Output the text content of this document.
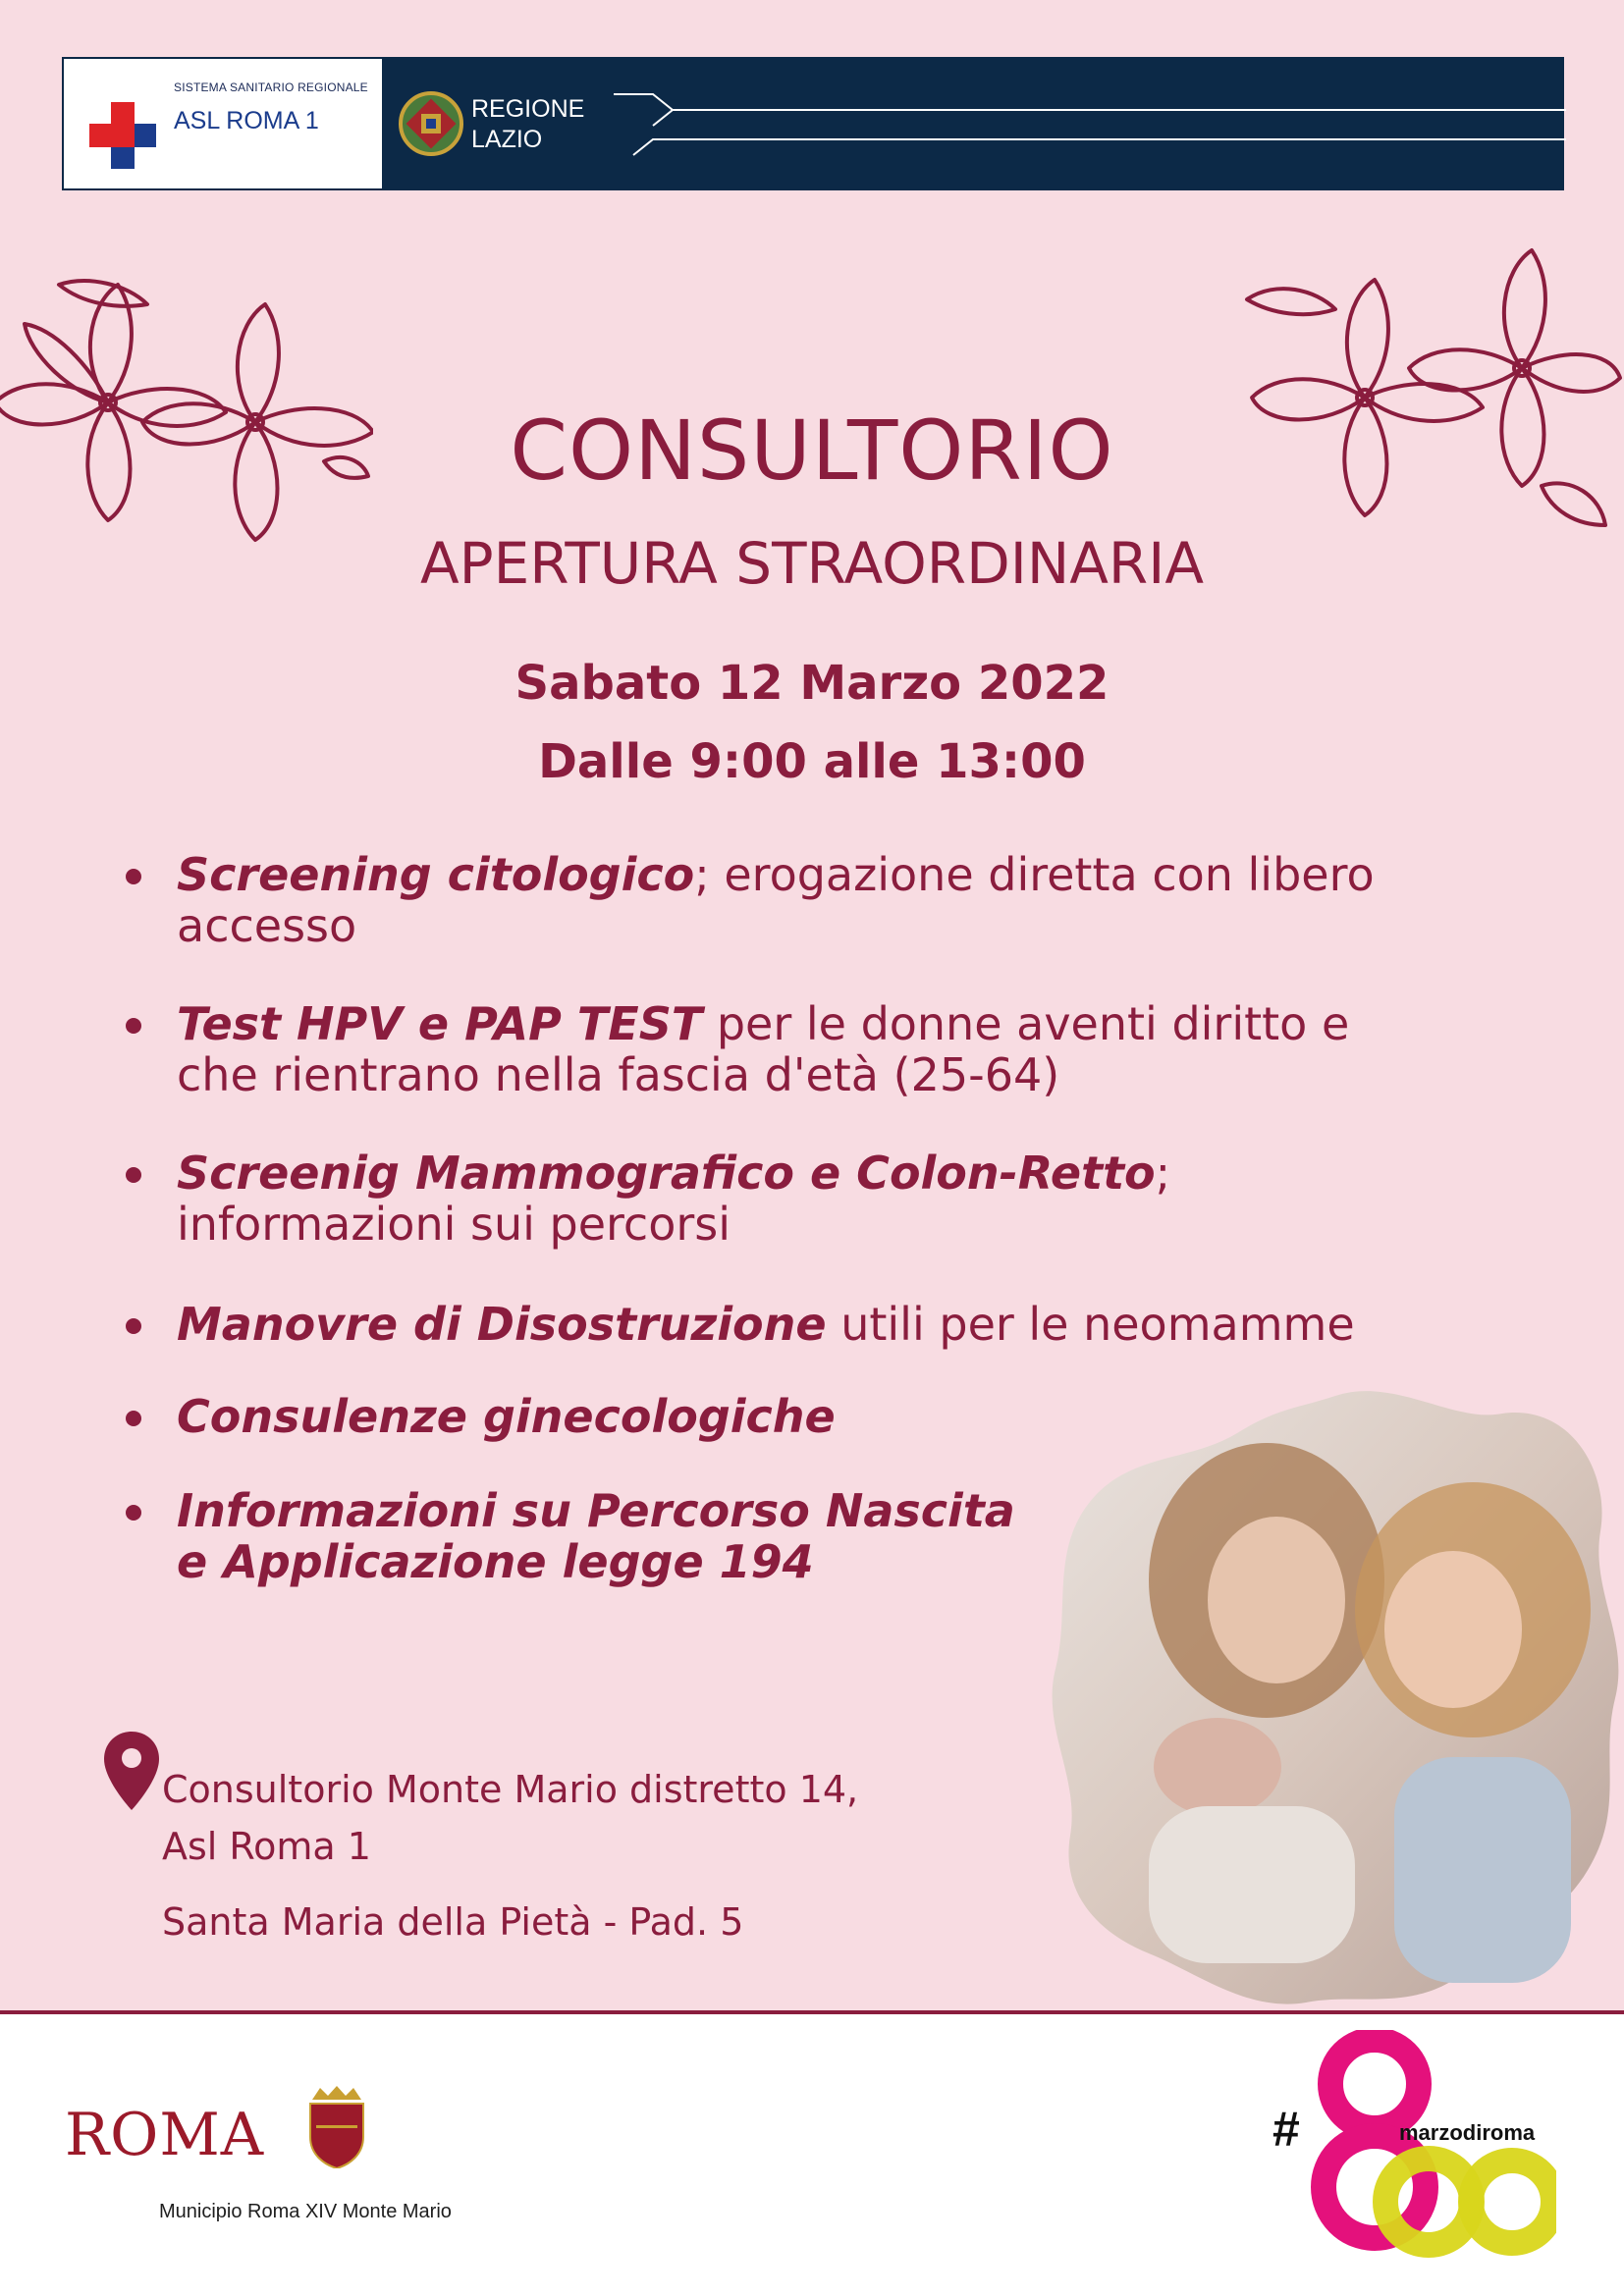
SISTEMA SANITARIO REGIONALE
ASL ROMA 1	REGIONE LAZIO
CONSULTORIO
APERTURA STRAORDINARIA
Sabato 12 Marzo 2022
Dalle 9:00 alle 13:00
Screening citologico; erogazione diretta con libero accesso
Test HPV e PAP TEST per le donne aventi diritto e che rientrano nella fascia d'età (25-64)
Screenig Mammografico e Colon-Retto; informazioni sui percorsi
Manovre di Disostruzione utili per le neomamme
Consulenze ginecologiche
Informazioni su Percorso Nascita e Applicazione legge 194
Consultorio Monte Mario distretto 14,
Asl Roma 1
Santa Maria della Pietà - Pad. 5
ROMA
Municipio Roma XIV Monte Mario
#	marzodiroma
